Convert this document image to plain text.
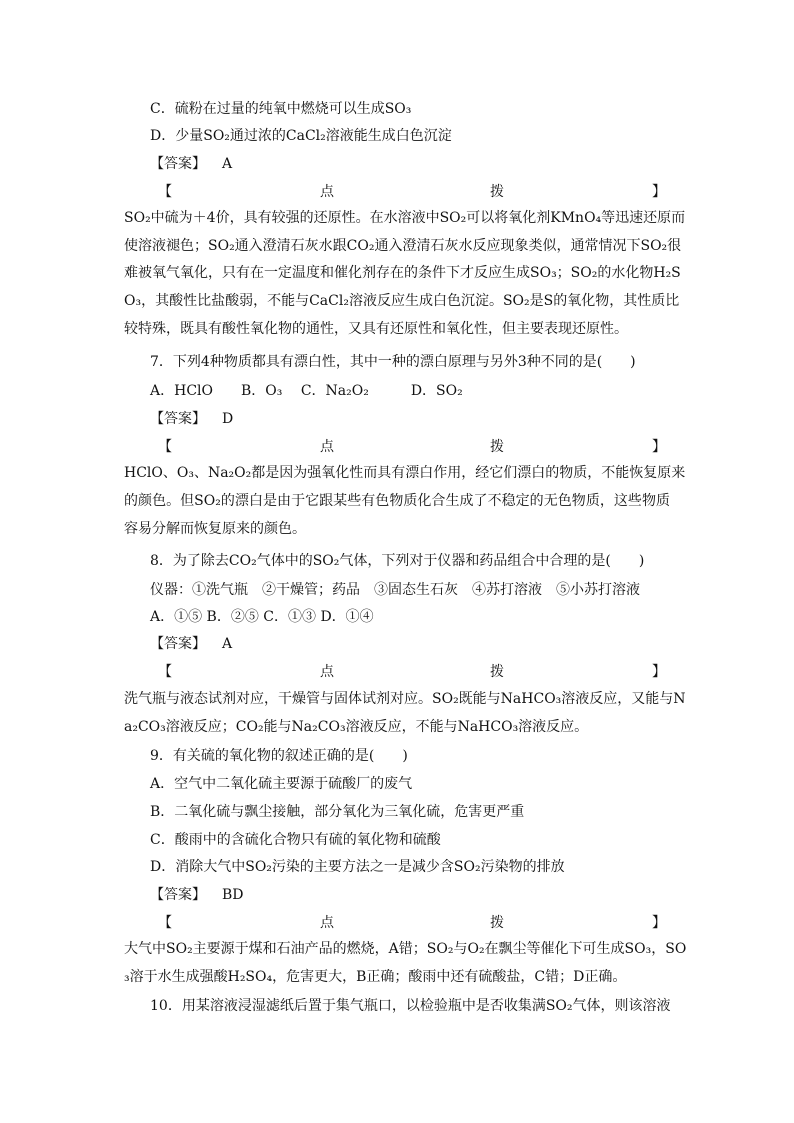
C．硫粉在过量的纯氧中燃烧可以生成SO₃
D．少量SO₂通过浓的CaCl₂溶液能生成白色沉淀
【答案】 A
【	点	拨	】
SO₂中硫为＋4价，具有较强的还原性。在水溶液中SO₂可以将氧化剂KMnO₄等迅速还原而
使溶液褪色；SO₂通入澄清石灰水跟CO₂通入澄清石灰水反应现象类似，通常情况下SO₂很
难被氧气氧化，只有在一定温度和催化剂存在的条件下才反应生成SO₃；SO₂的水化物H₂S
O₃，其酸性比盐酸弱，不能与CaCl₂溶液反应生成白色沉淀。SO₂是S的氧化物，其性质比
较特殊，既具有酸性氧化物的通性，又具有还原性和氧化性，但主要表现还原性。
7．下列4种物质都具有漂白性，其中一种的漂白原理与另外3种不同的是(　　)
A．HClO　　B．O₃　 C．Na₂O₂　　　D．SO₂
【答案】 D
【	点	拨	】
HClO、O₃、Na₂O₂都是因为强氧化性而具有漂白作用，经它们漂白的物质，不能恢复原来
的颜色。但SO₂的漂白是由于它跟某些有色物质化合生成了不稳定的无色物质，这些物质
容易分解而恢复原来的颜色。
8．为了除去CO₂气体中的SO₂气体，下列对于仪器和药品组合中合理的是(　　)
仪器：①洗气瓶　②干燥管；药品　③固态生石灰　④苏打溶液　⑤小苏打溶液
A．①⑤ B．②⑤ C．①③ D．①④
【答案】 A
【	点	拨	】
洗气瓶与液态试剂对应，干燥管与固体试剂对应。SO₂既能与NaHCO₃溶液反应，又能与N
a₂CO₃溶液反应；CO₂能与Na₂CO₃溶液反应，不能与NaHCO₃溶液反应。
9．有关硫的氧化物的叙述正确的是(　　)
A．空气中二氧化硫主要源于硫酸厂的废气
B．二氧化硫与飘尘接触，部分氧化为三氧化硫，危害更严重
C．酸雨中的含硫化合物只有硫的氧化物和硫酸
D．消除大气中SO₂污染的主要方法之一是减少含SO₂污染物的排放
【答案】 BD
【	点	拨	】
大气中SO₂主要源于煤和石油产品的燃烧，A错；SO₂与O₂在飘尘等催化下可生成SO₃，SO
₃溶于水生成强酸H₂SO₄，危害更大，B正确；酸雨中还有硫酸盐，C错；D正确。
10．用某溶液浸湿滤纸后置于集气瓶口，以检验瓶中是否收集满SO₂气体，则该溶液
